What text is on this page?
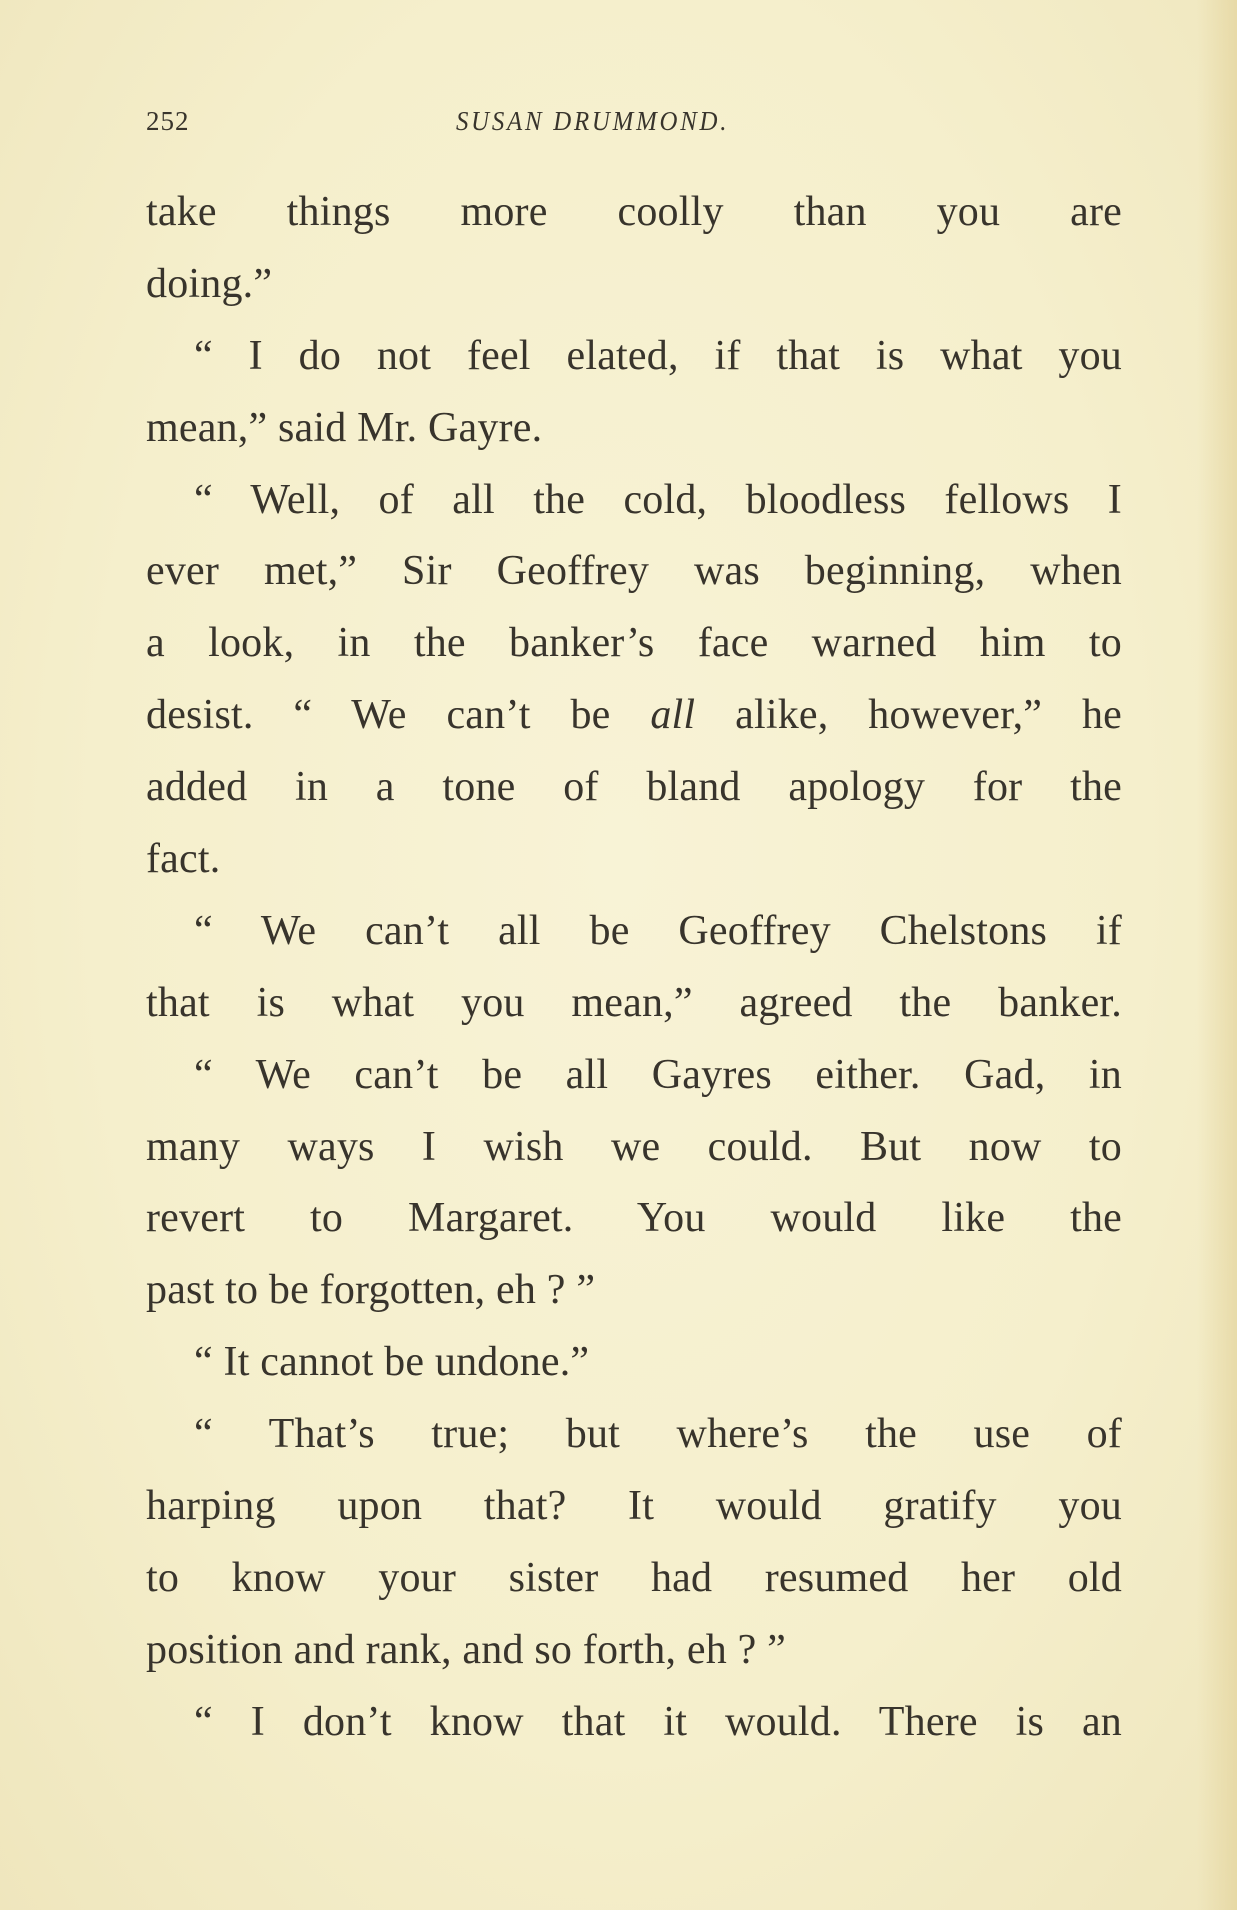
252	SUSAN DRUMMOND.
take things more coolly than you are
doing.”
“ I do not feel elated, if that is what you
mean,” said Mr. Gayre.
“ Well, of all the cold, bloodless fellows I
ever met,” Sir Geoffrey was beginning, when
a look, in the banker’s face warned him to
desist. “ We can’t be all alike, however,” he
added in a tone of bland apology for the
fact.
“ We can’t all be Geoffrey Chelstons if
that is what you mean,” agreed the banker.
“ We can’t be all Gayres either. Gad, in
many ways I wish we could. But now to
revert to Margaret. You would like the
past to be forgotten, eh ? ”
“ It cannot be undone.”
“ That’s true; but where’s the use of
harping upon that? It would gratify you
to know your sister had resumed her old
position and rank, and so forth, eh ? ”
“ I don’t know that it would. There is an
